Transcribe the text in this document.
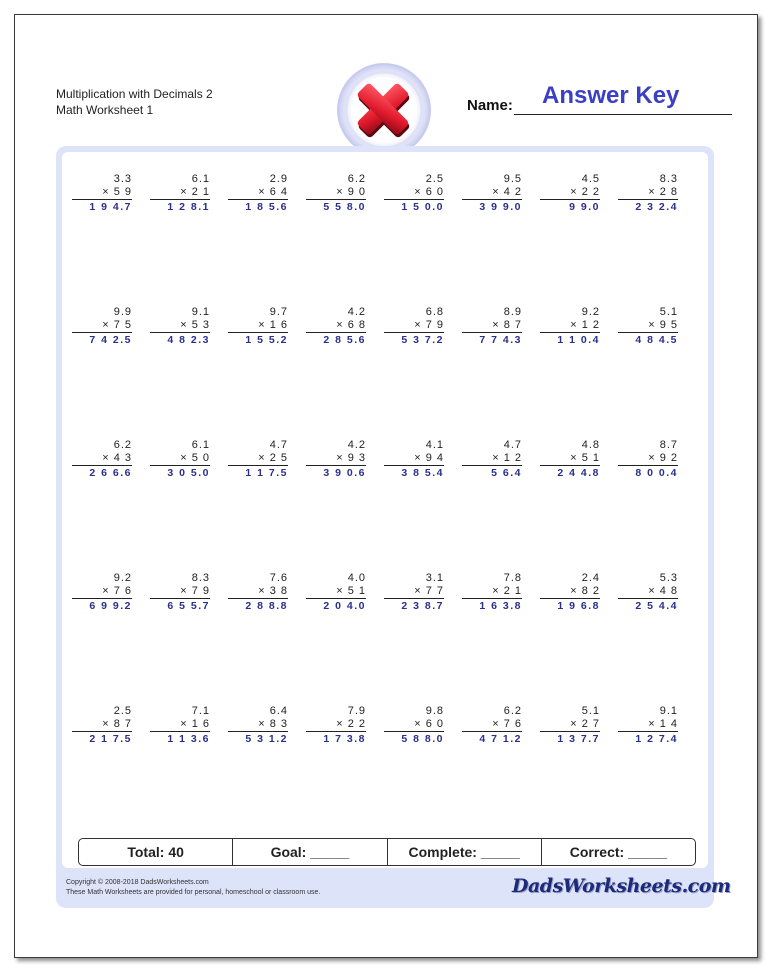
Multiplication with Decimals 2
Math Worksheet 1	Name: Answer Key
3.3
× 5 9
1 9 4.7
6.1
× 2 1
1 2 8.1
2.9
× 6 4
1 8 5.6
6.2
× 9 0
5 5 8.0
2.5
× 6 0
1 5 0.0
9.5
× 4 2
3 9 9.0
4.5
× 2 2
9 9.0
8.3
× 2 8
2 3 2.4
9.9
× 7 5
7 4 2.5
9.1
× 5 3
4 8 2.3
9.7
× 1 6
1 5 5.2
4.2
× 6 8
2 8 5.6
6.8
× 7 9
5 3 7.2
8.9
× 8 7
7 7 4.3
9.2
× 1 2
1 1 0.4
5.1
× 9 5
4 8 4.5
6.2
× 4 3
2 6 6.6
6.1
× 5 0
3 0 5.0
4.7
× 2 5
1 1 7.5
4.2
× 9 3
3 9 0.6
4.1
× 9 4
3 8 5.4
4.7
× 1 2
5 6.4
4.8
× 5 1
2 4 4.8
8.7
× 9 2
8 0 0.4
9.2
× 7 6
6 9 9.2
8.3
× 7 9
6 5 5.7
7.6
× 3 8
2 8 8.8
4.0
× 5 1
2 0 4.0
3.1
× 7 7
2 3 8.7
7.8
× 2 1
1 6 3.8
2.4
× 8 2
1 9 6.8
5.3
× 4 8
2 5 4.4
2.5
× 8 7
2 1 7.5
7.1
× 1 6
1 1 3.6
6.4
× 8 3
5 3 1.2
7.9
× 2 2
1 7 3.8
9.8
× 6 0
5 8 8.0
6.2
× 7 6
4 7 1.2
5.1
× 2 7
1 3 7.7
9.1
× 1 4
1 2 7.4
Total: 40	Goal: _____	Complete: _____	Correct: _____
Copyright © 2008-2018 DadsWorksheets.com
These Math Worksheets are provided for personal, homeschool or classroom use.	DadsWorksheets.com
